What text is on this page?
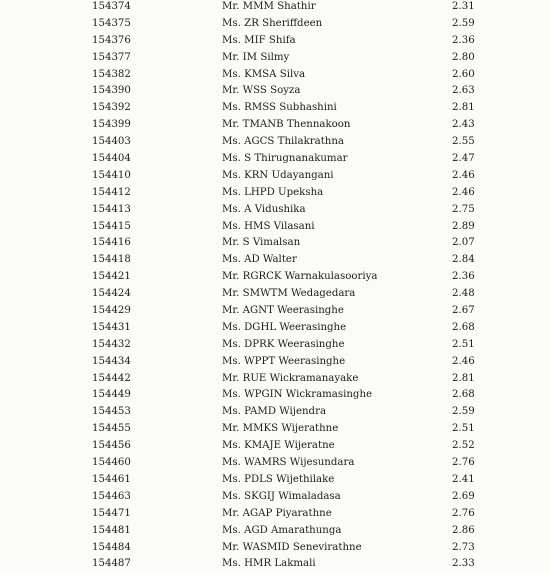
154374	Mr. MMM Shathir	2.31
154375	Ms. ZR Sheriffdeen	2.59
154376	Ms. MIF Shifa	2.36
154377	Mr. IM Silmy	2.80
154382	Ms. KMSA Silva	2.60
154390	Mr. WSS Soyza	2.63
154392	Ms. RMSS Subhashini	2.81
154399	Mr. TMANB Thennakoon	2.43
154403	Ms. AGCS Thilakrathna	2.55
154404	Ms. S Thirugnanakumar	2.47
154410	Ms. KRN Udayangani	2.46
154412	Ms. LHPD Upeksha	2.46
154413	Ms. A Vidushika	2.75
154415	Ms. HMS Vilasani	2.89
154416	Mr. S Vimalsan	2.07
154418	Ms. AD Walter	2.84
154421	Mr. RGRCK Warnakulasooriya	2.36
154424	Mr. SMWTM Wedagedara	2.48
154429	Mr. AGNT Weerasinghe	2.67
154431	Ms. DGHL Weerasinghe	2.68
154432	Ms. DPRK Weerasinghe	2.51
154434	Ms. WPPT Weerasinghe	2.46
154442	Mr. RUE Wickramanayake	2.81
154449	Ms. WPGIN Wickramasinghe	2.68
154453	Ms. PAMD Wijendra	2.59
154455	Mr. MMKS Wijerathne	2.51
154456	Ms. KMAJE Wijeratne	2.52
154460	Ms. WAMRS Wijesundara	2.76
154461	Ms. PDLS Wijethilake	2.41
154463	Ms. SKGIJ Wimaladasa	2.69
154471	Mr. AGAP Piyarathne	2.76
154481	Ms. AGD Amarathunga	2.86
154484	Mr. WASMID Senevirathne	2.73
154487	Ms. HMR Lakmali	2.33
